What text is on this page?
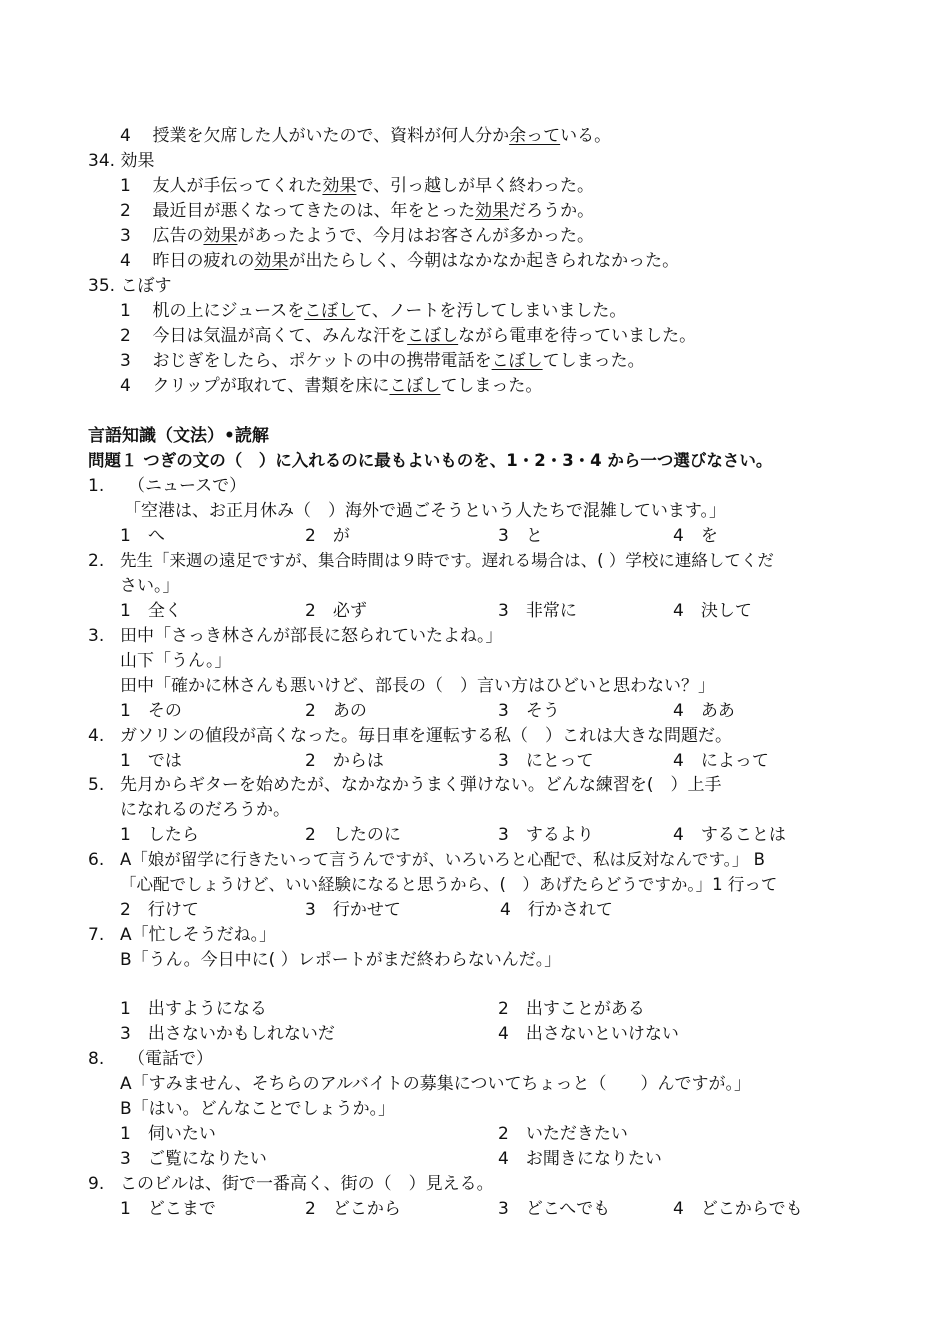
4 授業を欠席した人がいたので、資料が何人分か余っている。
34. 効果
1 友人が手伝ってくれた効果で、引っ越しが早く終わった。
2 最近目が悪くなってきたのは、年をとった効果だろうか。
3 広告の効果があったようで、今月はお客さんが多かった。
4 昨日の疲れの効果が出たらしく、今朝はなかなか起きられなかった。
35. こぼす
1 机の上にジュースをこぼして、ノートを汚してしまいました。
2 今日は気温が高くて、みんな汗をこぼしながら電車を待っていました。
3 おじぎをしたら、ポケットの中の携帯電話をこぼしてしまった。
4 クリップが取れて、書類を床にこぼしてしまった。
言語知識（文法）•読解
問題１ つぎの文の（　）に入れるのに最もよいものを、1・2・3・4 から一つ選びなさい。
1. （ニュースで）
「空港は、お正月休み（　）海外で過ごそうという人たちで混雑しています。」
1　へ	2　が	3　と	4　を
2. 先生「来週の遠足ですが、集合時間は９時です。遅れる場合は、( ）学校に連絡してくだ
さい。」
1　全く	2　必ず	3　非常に	4　決して
3. 田中「さっき林さんが部長に怒られていたよね。」
山下「うん。」
田中「確かに林さんも悪いけど、部長の（　）言い方はひどいと思わない？」
1　その	2　あの	3　そう	4　ああ
4. ガソリンの値段が高くなった。毎日車を運転する私（　）これは大きな問題だ。
1　では	2　からは	3　にとって	4　によって
5. 先月からギターを始めたが、なかなかうまく弾けない。どんな練習を(　）上手
になれるのだろうか。
1　したら	2　したのに	3　するより	4　することは
6. A「娘が留学に行きたいって言うんですが、いろいろと心配で、私は反対なんです。」 B
「心配でしょうけど、いい経験になると思うから、(　）あげたらどうですか。」1 行って
2　行けて	3　行かせて	4　行かされて
7. A「忙しそうだね。」
B「うん。今日中に( ）レポートがまだ終わらないんだ。」
1　出すようになる	2　出すことがある
3　出さないかもしれないだ	4　出さないといけない
8. （電話で）
A「すみません、そちらのアルバイトの募集についてちょっと（　　）んですが。」
B「はい。どんなことでしょうか。」
1　伺いたい	2　いただきたい
3　ご覧になりたい	4　お聞きになりたい
9. このビルは、街で一番高く、街の（　）見える。
1　どこまで	2　どこから	3　どこへでも	4　どこからでも
